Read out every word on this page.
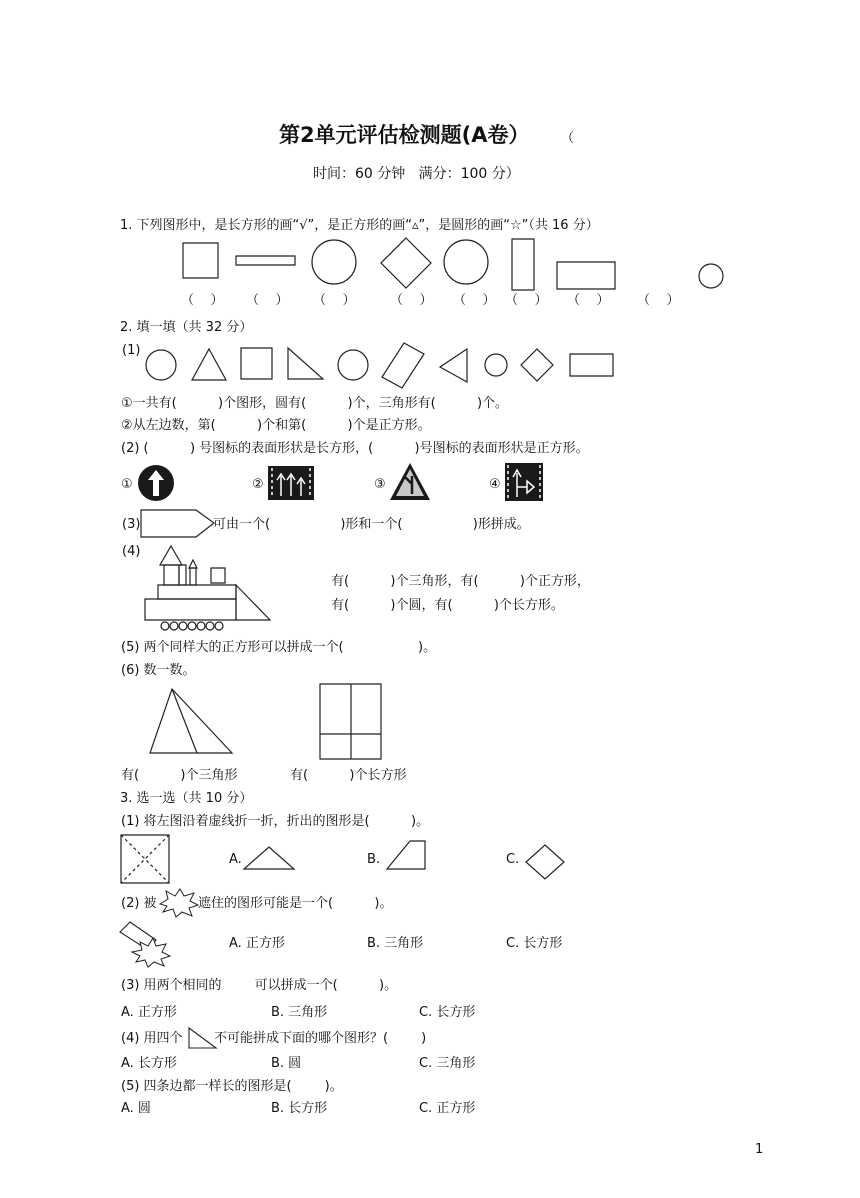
第2单元评估检测题(A卷） （
时间：60 分钟   满分：100 分）
1. 下列图形中，是长方形的画“√”，是正方形的画“▵”，是圆形的画“☆”（共 16 分）
（    ） （    ） （    ）	（    ） （    ） （    ） （    ） （    ）
2. 填一填（共 32 分）
(1)
①一共有(          )个图形，圆有(          )个，三角形有(          )个。
②从左边数，第(          )个和第(          )个是正方形。
(2) (          ) 号图标的表面形状是长方形，(          )号图标的表面形状是正方形。
①	②	③	④
(3)	可由一个(                 )形和一个(                 )形拼成。
(4)
有(          )个三角形，有(          )个正方形，
有(          )个圆，有(          )个长方形。
(5) 两个同样大的正方形可以拼成一个(                  )。
(6) 数一数。
有(          )个三角形	有(          )个长方形
3. 选一选（共 10 分）
(1) 将左图沿着虚线折一折，折出的图形是(          )。
A.	B.	C.
(2) 被	遮住的图形可能是一个(          )。
A. 正方形	B. 三角形	C. 长方形
(3) 用两个相同的        可以拼成一个(          )。
A. 正方形	B. 三角形	C. 长方形
(4) 用四个 不可能拼成下面的哪个图形？(        )
A. 长方形	B. 圆	C. 三角形
(5) 四条边都一样长的图形是(        )。
A. 圆	B. 长方形	C. 正方形
1
